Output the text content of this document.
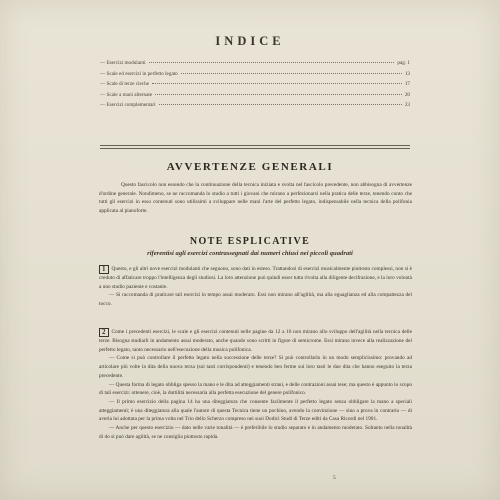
INDICE
— Esercizi modulanti	pag. 1
— Scale ed esercizi in perfetto legato	13
— Scale di terze cieche	17
— Scale a mani alternate	20
— Esercizi complementari	23
AVVERTENZE GENERALI
Questo fascicolo non essendo che la continuazione della tecnica iniziata e svolta nel fascicolo precedente, non abbisogna di avvertenze d'ordine generale. Nondimeno, se ne raccomanda lo studio a tutti i giovani che mirano a perfezionarsi nella pratica delle terze, tenendo conto che tutti gli esercizi in esso contenuti sono utilissimi a sviluppare nelle mani l'arte del perfetto legato, indispensabile nella tecnica della polifonia applicata al pianoforte.
NOTE ESPLICATIVE
riferentisi agli esercizi contrassegnati dai numeri chiusi nei piccoli quadrati
1 Questo, e gli altri nove esercizi modulanti che seguono, sono dati in esteso. Trattandosi di esercizi musicalmente piuttosto complessi, non si è creduto di affaticare troppo l'intelligenza degli studiosi. La loro attenzione può quindi esser tutta rivolta alla diligente decifrazione, e la loro volontà a uno studio paziente e costante.
— Si raccomanda di praticare tali esercizi in tempo assai moderato. Essi non mirano all'agilità, ma alla eguaglianza ed alla compattezza del tocco.
2 Come i precedenti esercizi, le scale e gli esercizi contenuti nelle pagine da 12 a 16 non mirano allo sviluppo dell'agilità nella tecnica delle terze. Bisogna studiarli in andamento assai moderato, anche quando sono scritti in figure di semicrome. Essi mirano invece alla realizzazione del perfetto legato, tanto necessario nell'esecuzione della musica polifonica.
— Come si può controllare il perfetto legato nella successione delle terze? Si può controllarlo in un modo semplicissimo: provando ad articolare più volte la dita della nuova terza (sui tasti corrispondenti) e tenendo ben ferme sui loro tasti le due dita che hanno eseguito la terza precedente.
— Questa forma di legato obbliga spesso la mano e le dita ad atteggiamenti strani, e delle contrazioni assai tese; ma questo è appunto lo scopo di tali esercizi: ottenere, cioè, la duttilità necessaria alla perfetta esecuzione del genere polifonico.
— Il primo esercizio della pagina 14 ha una diteggiatura che consente facilmente il perfetto legato senza obbligare la mano a speciali atteggiamenti; è una diteggiatura alla quale l'autore di questa Tecnica tiene un pochino, avendo la convinzione — sino a prova in contrario — di averla lui adottata per la prima volta nel Trio dello Scherzo compreso nei suoi Dodici Studi di Terze editi da Casa Ricordi nel 1901.
— Anche per questo esercizio — dato nelle varie tonalità — è preferibile lo studio separato e in andamento moderato. Soltanto nella tonalità di do si può dare agilità, se ne consiglia piuttosto rapida.
5
